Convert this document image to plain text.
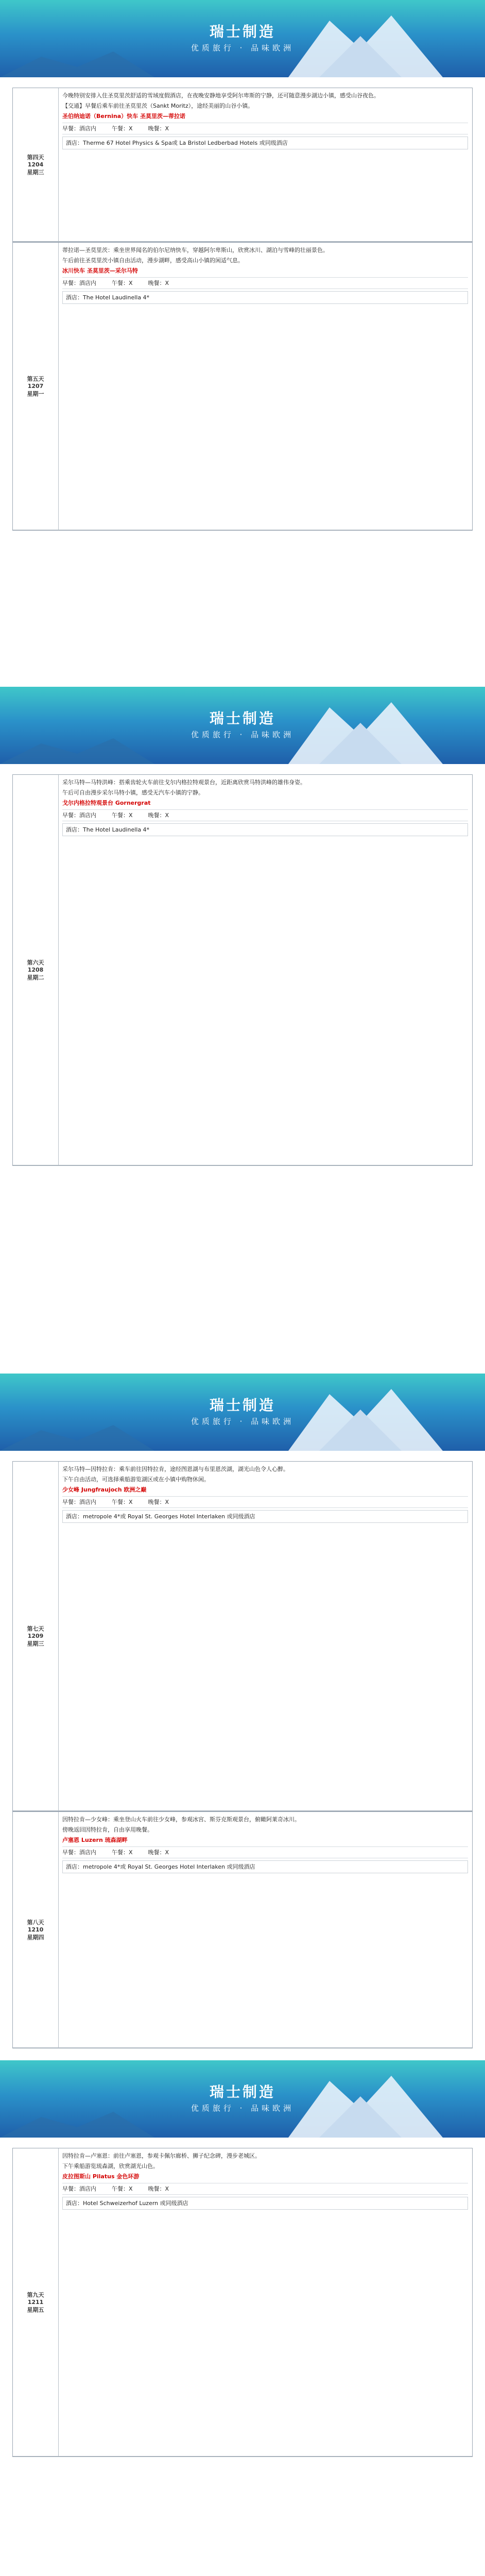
瑞士制造
优质旅行 · 品味欧洲
第四天
1204
星期三

今晚特别安排入住圣莫里茨舒适的雪域度假酒店，在夜晚安静地享受阿尔卑斯的宁静，还可随意漫步湖边小镇，感受山谷夜色。

【交通】早餐后乘车前往圣莫里茨（Sankt Moritz），途经美丽的山谷小镇。

圣伯纳迪诺（Bernina）快车 圣莫里茨—蒂拉诺

早餐：酒店内	午餐：X	晚餐：X
酒店：Therme 67 Hotel Physics & Spa或 La Bristol Ledberbad Hotels 或同级酒店
第五天
1207
星期一

蒂拉诺—圣莫里茨：乘坐世界闻名的伯尔尼纳快车，穿越阿尔卑斯山，欣赏冰川、湖泊与雪峰的壮丽景色。

午后前往圣莫里茨小镇自由活动，漫步湖畔，感受高山小镇的闲适气息。

冰川快车 圣莫里茨—采尔马特

早餐：酒店内	午餐：X	晚餐：X
酒店：The Hotel Laudinella 4*
瑞士制造
优质旅行 · 品味欧洲
第六天
1208
星期二

采尔马特—马特洪峰：搭乘齿轮火车前往戈尔内格拉特观景台，近距离欣赏马特洪峰的雄伟身姿。

午后可自由漫步采尔马特小镇，感受无汽车小镇的宁静。

戈尔内格拉特观景台 Gornergrat

早餐：酒店内	午餐：X	晚餐：X
酒店：The Hotel Laudinella 4*
瑞士制造
优质旅行 · 品味欧洲
第七天
1209
星期三

采尔马特—因特拉肯：乘车前往因特拉肯，途经图恩湖与布里恩茨湖，湖光山色令人心醉。

下午自由活动，可选择乘船游览湖区或在小镇中购物休闲。

少女峰 Jungfraujoch 欧洲之巅

早餐：酒店内	午餐：X	晚餐：X
酒店：metropole 4*或 Royal St. Georges Hotel Interlaken 或同级酒店
第八天
1210
星期四

因特拉肯—少女峰：乘坐登山火车前往少女峰，参观冰宫、斯芬克斯观景台，俯瞰阿莱奇冰川。

傍晚返回因特拉肯，自由享用晚餐。

卢塞恩 Luzern 琉森湖畔

早餐：酒店内	午餐：X	晚餐：X
酒店：metropole 4*或 Royal St. Georges Hotel Interlaken 或同级酒店
瑞士制造
优质旅行 · 品味欧洲
第九天
1211
星期五

因特拉肯—卢塞恩：前往卢塞恩，参观卡佩尔廊桥、狮子纪念碑，漫步老城区。

下午乘船游览琉森湖，欣赏湖光山色。

皮拉图斯山 Pilatus 金色环游

早餐：酒店内	午餐：X	晚餐：X
酒店：Hotel Schweizerhof Luzern 或同级酒店
